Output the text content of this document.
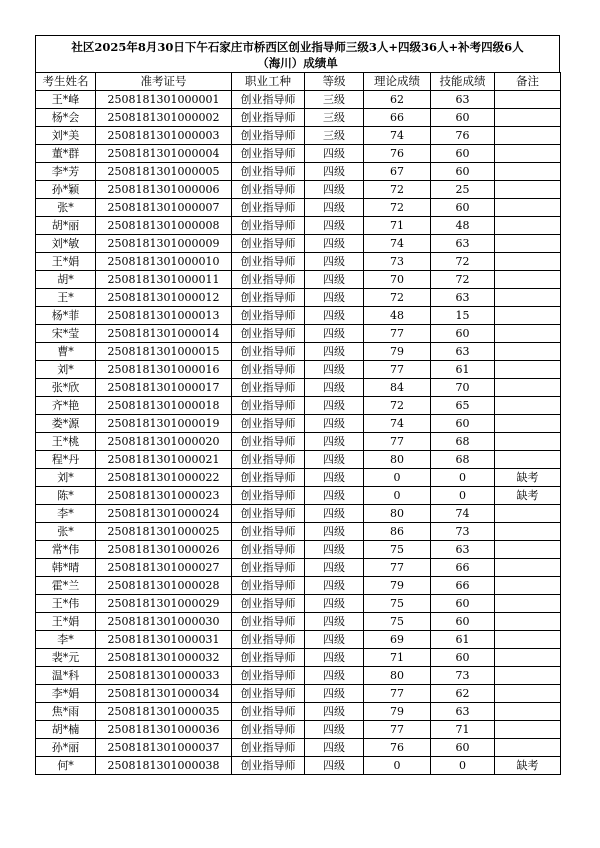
社区2025年8月30日下午石家庄市桥西区创业指导师三级3人+四级36人+补考四级6人
（海川）成绩单
考生姓名	准考证号	职业工种	等级	理论成绩	技能成绩	备注
王*峰	2508181301000001	创业指导师	三级	62	63	
杨*会	2508181301000002	创业指导师	三级	66	60	
刘*美	2508181301000003	创业指导师	三级	74	76	
董*群	2508181301000004	创业指导师	四级	76	60	
李*芳	2508181301000005	创业指导师	四级	67	60	
孙*颖	2508181301000006	创业指导师	四级	72	25	
张*	2508181301000007	创业指导师	四级	72	60	
胡*丽	2508181301000008	创业指导师	四级	71	48	
刘*敏	2508181301000009	创业指导师	四级	74	63	
王*娟	2508181301000010	创业指导师	四级	73	72	
胡*	2508181301000011	创业指导师	四级	70	72	
王*	2508181301000012	创业指导师	四级	72	63	
杨*菲	2508181301000013	创业指导师	四级	48	15	
宋*莹	2508181301000014	创业指导师	四级	77	60	
曹*	2508181301000015	创业指导师	四级	79	63	
刘*	2508181301000016	创业指导师	四级	77	61	
张*欣	2508181301000017	创业指导师	四级	84	70	
齐*艳	2508181301000018	创业指导师	四级	72	65	
娄*源	2508181301000019	创业指导师	四级	74	60	
王*桃	2508181301000020	创业指导师	四级	77	68	
程*丹	2508181301000021	创业指导师	四级	80	68	
刘*	2508181301000022	创业指导师	四级	0	0	缺考
陈*	2508181301000023	创业指导师	四级	0	0	缺考
李*	2508181301000024	创业指导师	四级	80	74	
张*	2508181301000025	创业指导师	四级	86	73	
常*伟	2508181301000026	创业指导师	四级	75	63	
韩*晴	2508181301000027	创业指导师	四级	77	66	
霍*兰	2508181301000028	创业指导师	四级	79	66	
王*伟	2508181301000029	创业指导师	四级	75	60	
王*娟	2508181301000030	创业指导师	四级	75	60	
李*	2508181301000031	创业指导师	四级	69	61	
裴*元	2508181301000032	创业指导师	四级	71	60	
温*科	2508181301000033	创业指导师	四级	80	73	
李*娟	2508181301000034	创业指导师	四级	77	62	
焦*雨	2508181301000035	创业指导师	四级	79	63	
胡*楠	2508181301000036	创业指导师	四级	77	71	
孙*丽	2508181301000037	创业指导师	四级	76	60	
何*	2508181301000038	创业指导师	四级	0	0	缺考
